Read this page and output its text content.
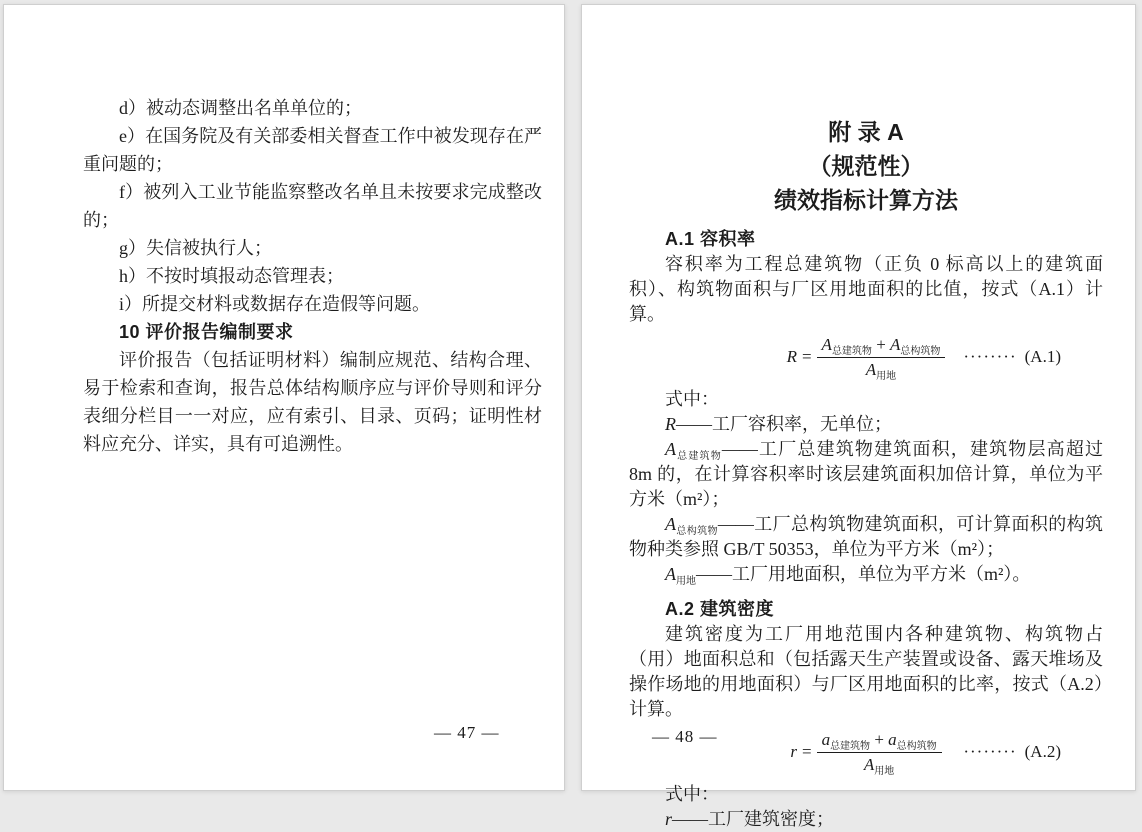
d）被动态调整出名单单位的；

e）在国务院及有关部委相关督查工作中被发现存在严重问题的；

f）被列入工业节能监察整改名单且未按要求完成整改的；

g）失信被执行人；

h）不按时填报动态管理表；

i）所提交材料或数据存在造假等问题。

10 评价报告编制要求

评价报告（包括证明材料）编制应规范、结构合理、易于检索和查询，报告总体结构顺序应与评价导则和评分表细分栏目一一对应，应有索引、目录、页码；证明性材料应充分、详实，具有可追溯性。

— 47 —
附 录 A
（规范性）
绩效指标计算方法

A.1 容积率

容积率为工程总建筑物（正负 0 标高以上的建筑面积）、构筑物面积与厂区用地面积的比值，按式（A.1）计算。

$R = \frac{A_{总建筑物} + A_{总构筑物}}{A_{用地}}$ ········ (A.1)

式中：

R——工厂容积率，无单位；

$A_{总建筑物}——$工厂总建筑物建筑面积，建筑物层高超过 8m 的，在计算容积率时该层建筑面积加倍计算，单位为平方米（m²）；

$A_{总构筑物}——$工厂总构筑物建筑面积，可计算面积的构筑物种类参照 GB/T 50353，单位为平方米（m²）；

$A_{用地}——$工厂用地面积，单位为平方米（m²）。

A.2 建筑密度

建筑密度为工厂用地范围内各种建筑物、构筑物占（用）地面积总和（包括露天生产装置或设备、露天堆场及操作场地的用地面积）与厂区用地面积的比率，按式（A.2）计算。

$r = \frac{a_{总建筑物} + a_{总构筑物}}{A_{用地}}$ ········ (A.2)

式中：

r——工厂建筑密度；

— 48 —
